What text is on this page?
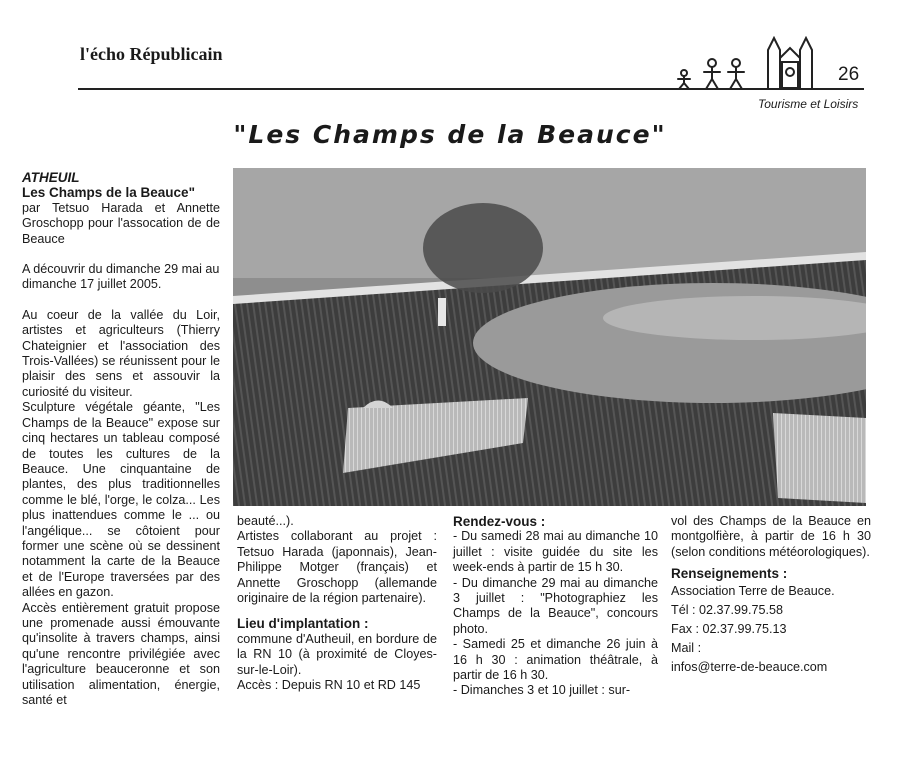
l'écho Républicain
26
Tourisme et Loisirs
"Les Champs de la Beauce"

ATHEUIL

Les Champs de la Beauce"

par Tetsuo Harada et Annette Groschopp pour l'assocation de de Beauce

A découvrir du dimanche 29 mai au dimanche 17 juillet 2005.

Au coeur de la vallée du Loir, artistes et agriculteurs (Thierry Chateignier et l'association des Trois-Vallées) se réunissent pour le plaisir des sens et assouvir la curiosité du visiteur.

Sculpture végétale géante, "Les Champs de la Beauce" expose sur cinq hectares un tableau composé de toutes les cultures de la Beauce. Une cinquantaine de plantes, des plus traditionnelles comme le blé, l'orge, le colza... Les plus inattendues comme le ... ou l'angélique... se côtoient pour former une scène où se dessinent notamment la carte de la Beauce et de l'Europe traversées par des allées en gazon.

Accès entièrement gratuit propose une promenade aussi émouvante qu'insolite à travers champs, ainsi qu'une rencontre privilégiée avec l'agriculture beauceronne et son utilisation alimentation, énergie, santé et

beauté...).

Artistes collaborant au projet : Tetsuo Harada (japonnais), Jean-Philippe Motger (français) et Annette Groschopp (allemande originaire de la région partenaire).

Lieu d'implantation :

commune d'Autheuil, en bordure de la RN 10 (à proximité de Cloyes-sur-le-Loir).

Accès : Depuis RN 10 et RD 145

Rendez-vous :

- Du samedi 28 mai au dimanche 10 juillet : visite guidée du site les week-ends à partir de 15 h 30.

- Du dimanche 29 mai au dimanche 3 juillet : "Photographiez les Champs de la Beauce", concours photo.

- Samedi 25 et dimanche 26 juin à 16 h 30 : animation théâtrale, à partir de 16 h 30.

- Dimanches 3 et 10 juillet : sur-

vol des Champs de la Beauce en montgolfière, à partir de 16 h 30 (selon conditions météorologiques).

Renseignements :

Association Terre de Beauce.

Tél : 02.37.99.75.58

Fax : 02.37.99.75.13

Mail :

infos@terre-de-beauce.com
